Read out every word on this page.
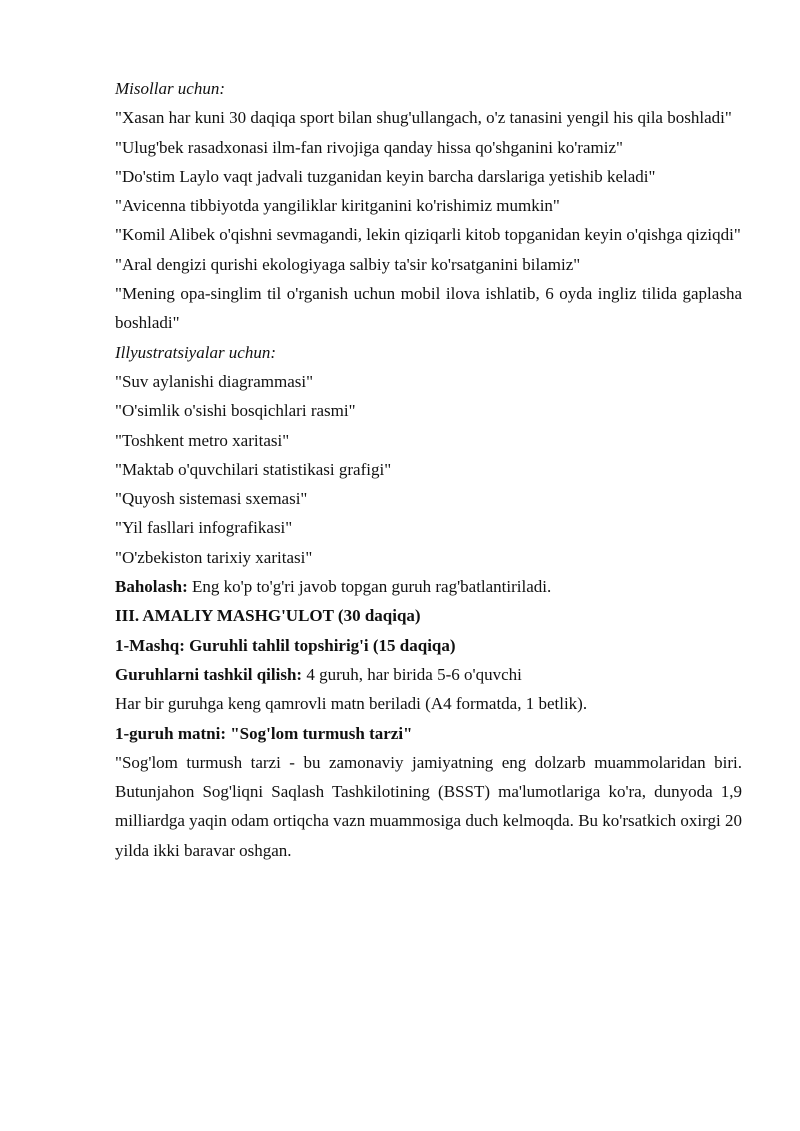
Misollar uchun:

"Xasan har kuni 30 daqiqa sport bilan shug'ullangach, o'z tanasini yengil his qila boshladi"

"Ulug'bek rasadxonasi ilm-fan rivojiga qanday hissa qo'shganini ko'ramiz"

"Do'stim Laylo vaqt jadvali tuzganidan keyin barcha darslariga yetishib keladi"

"Avicenna tibbiyotda yangiliklar kiritganini ko'rishimiz mumkin"

"Komil Alibek o'qishni sevmagandi, lekin qiziqarli kitob topganidan keyin o'qishga qiziqdi"

"Aral dengizi qurishi ekologiyaga salbiy ta'sir ko'rsatganini bilamiz"

"Mening opa-singlim til o'rganish uchun mobil ilova ishlatib, 6 oyda ingliz tilida gaplasha boshladi"

Illyustratsiyalar uchun:

"Suv aylanishi diagrammasi"

"O'simlik o'sishi bosqichlari rasmi"

"Toshkent metro xaritasi"

"Maktab o'quvchilari statistikasi grafigi"

"Quyosh sistemasi sxemasi"

"Yil fasllari infografikasi"

"O'zbekiston tarixiy xaritasi"

Baholash: Eng ko'p to'g'ri javob topgan guruh rag'batlantiriladi.

III. AMALIY MASHG'ULOT (30 daqiqa)

1-Mashq: Guruhli tahlil topshirig'i (15 daqiqa)

Guruhlarni tashkil qilish: 4 guruh, har birida 5-6 o'quvchi

Har bir guruhga keng qamrovli matn beriladi (A4 formatda, 1 betlik).

1-guruh matni: "Sog'lom turmush tarzi"

"Sog'lom turmush tarzi - bu zamonaviy jamiyatning eng dolzarb muammolaridan biri. Butunjahon Sog'liqni Saqlash Tashkilotining (BSST) ma'lumotlariga ko'ra, dunyoda 1,9 milliardga yaqin odam ortiqcha vazn muammosiga duch kelmoqda. Bu ko'rsatkich oxirgi 20 yilda ikki baravar oshgan.
